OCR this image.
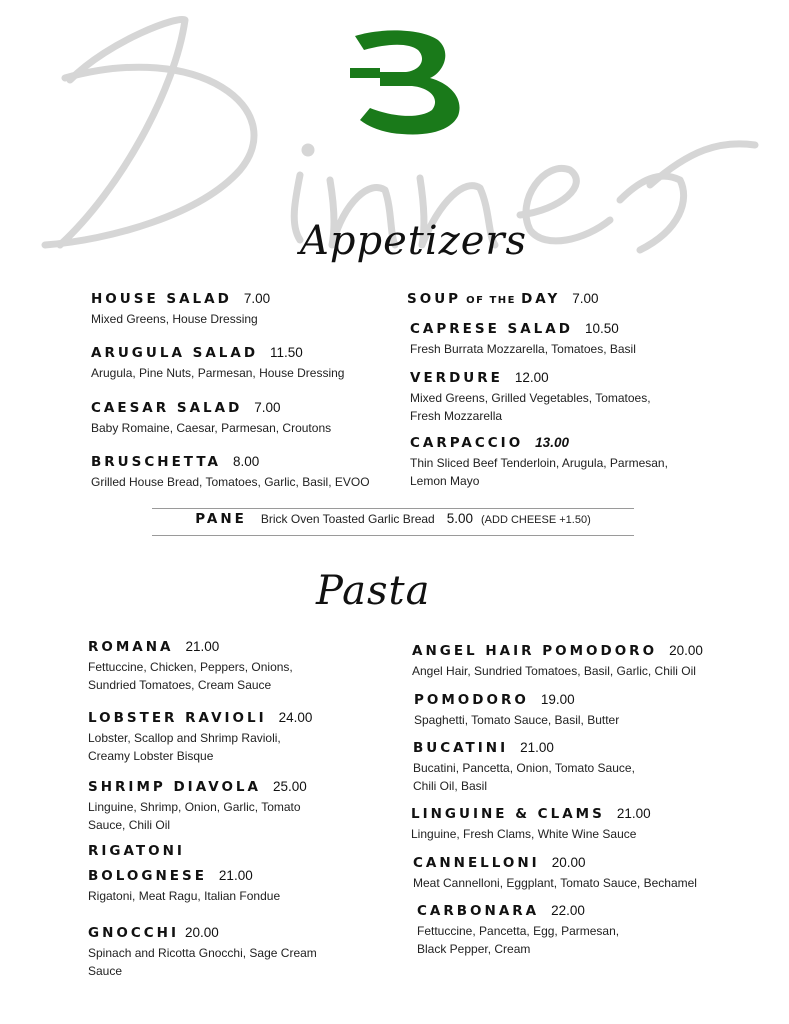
Appetizers
HOUSE SALAD 7.00
Mixed Greens, House Dressing
ARUGULA SALAD 11.50
Arugula, Pine Nuts, Parmesan, House Dressing
CAESAR SALAD 7.00
Baby Romaine, Caesar, Parmesan, Croutons
BRUSCHETTA 8.00
Grilled House Bread, Tomatoes, Garlic, Basil, EVOO
SOUP OF THE DAY 7.00
CAPRESE SALAD 10.50
Fresh Burrata Mozzarella, Tomatoes, Basil
VERDURE 12.00
Mixed Greens, Grilled Vegetables, Tomatoes,
Fresh Mozzarella
CARPACCIO 13.00
Thin Sliced Beef Tenderloin, Arugula, Parmesan,
Lemon Mayo
PANE Brick Oven Toasted Garlic Bread 5.00 (ADD CHEESE +1.50)
Pasta
ROMANA 21.00
Fettuccine, Chicken, Peppers, Onions,
Sundried Tomatoes, Cream Sauce
LOBSTER RAVIOLI 24.00
Lobster, Scallop and Shrimp Ravioli,
Creamy Lobster Bisque
SHRIMP DIAVOLA 25.00
Linguine, Shrimp, Onion, Garlic, Tomato
Sauce, Chili Oil
RIGATONI
BOLOGNESE 21.00
Rigatoni, Meat Ragu, Italian Fondue
GNOCCHI 20.00
Spinach and Ricotta Gnocchi, Sage Cream
Sauce
ANGEL HAIR POMODORO 20.00
Angel Hair, Sundried Tomatoes, Basil, Garlic, Chili Oil
POMODORO 19.00
Spaghetti, Tomato Sauce, Basil, Butter
BUCATINI 21.00
Bucatini, Pancetta, Onion, Tomato Sauce,
Chili Oil, Basil
LINGUINE & CLAMS 21.00
Linguine, Fresh Clams, White Wine Sauce
CANNELLONI 20.00
Meat Cannelloni, Eggplant, Tomato Sauce, Bechamel
CARBONARA 22.00
Fettuccine, Pancetta, Egg, Parmesan,
Black Pepper, Cream
